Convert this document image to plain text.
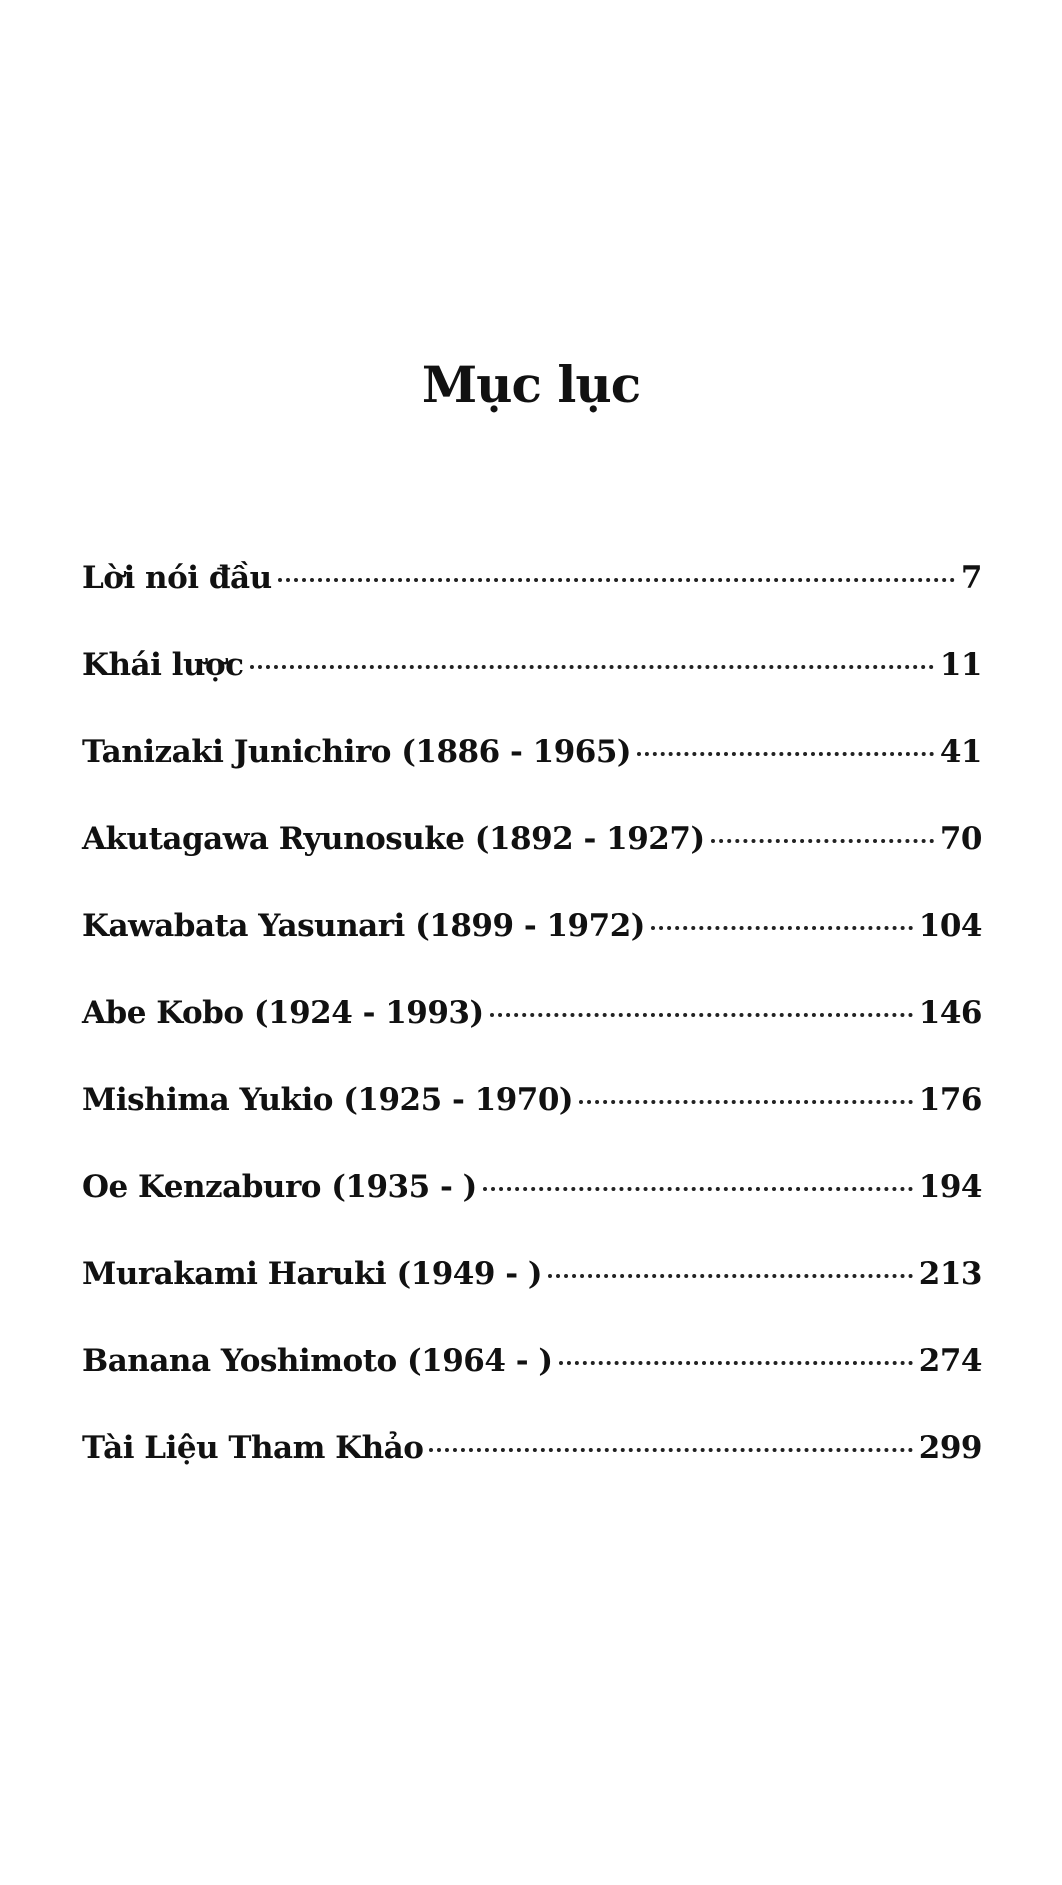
Mục lục
Lời nói đầu	7
Khái lược	11
Tanizaki Junichiro (1886 - 1965)	41
Akutagawa Ryunosuke (1892 - 1927)	70
Kawabata Yasunari (1899 - 1972)	104
Abe Kobo (1924 - 1993)	146
Mishima Yukio (1925 - 1970)	176
Oe Kenzaburo (1935 - )	194
Murakami Haruki (1949 - )	213
Banana Yoshimoto (1964 - )	274
Tài Liệu Tham Khảo	299
